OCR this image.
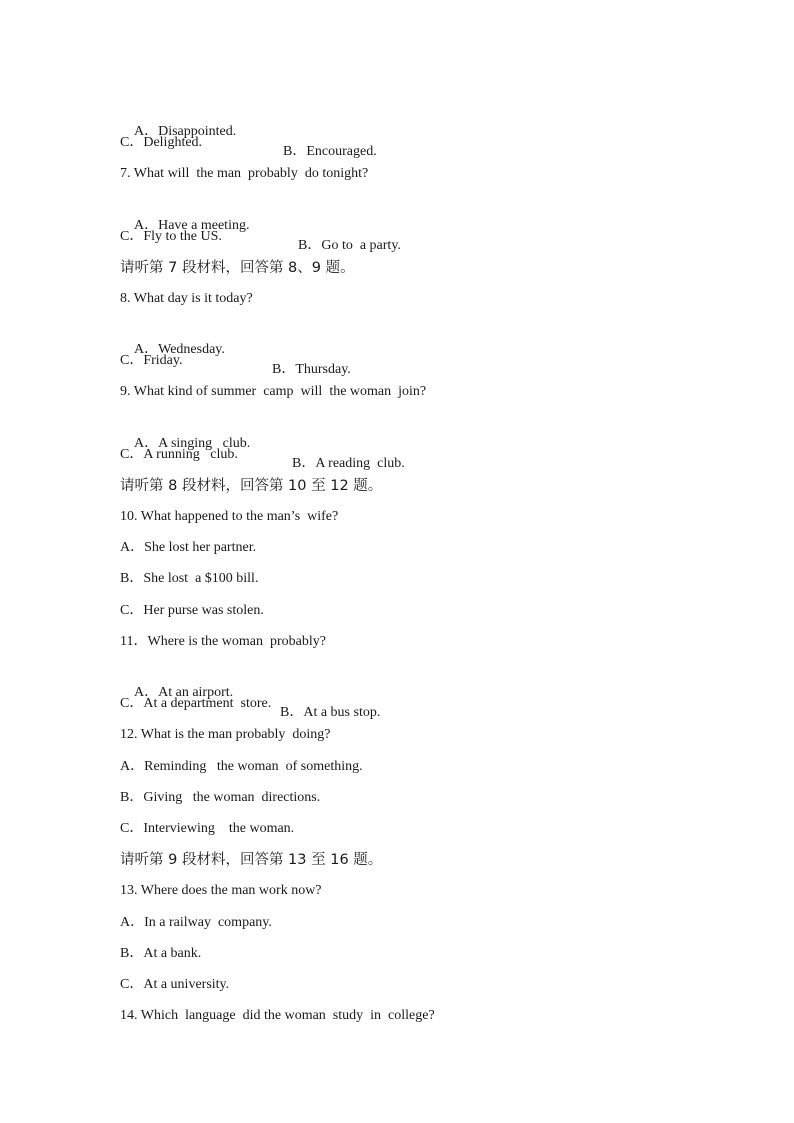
A．Disappointed.

B．Encouraged.

C．Delighted.
7. What will  the man  probably  do tonight?

A．Have a meeting.

B．Go to  a party.

C．Fly to the US.
请听第 7 段材料，回答第 8、9 题。
8. What day is it today?

A．Wednesday.

B．Thursday.

C．Friday.
9. What kind of summer  camp  will  the woman  join?

A．A singing   club.

B．A reading  club.

C．A running   club.
请听第 8 段材料，回答第 10 至 12 题。
10. What happened to the man’s  wife?
A．She lost her partner.
B．She lost  a $100 bill.
C．Her purse was stolen.
11．Where is the woman  probably?

A．At an airport.

B．At a bus stop.

C．At a department  store.
12. What is the man probably  doing?
A．Reminding   the woman  of something.
B．Giving   the woman  directions.
C．Interviewing    the woman.
请听第 9 段材料，回答第 13 至 16 题。
13. Where does the man work now?
A．In a railway  company.
B．At a bank.
C．At a university.
14. Which  language  did the woman  study  in  college?
